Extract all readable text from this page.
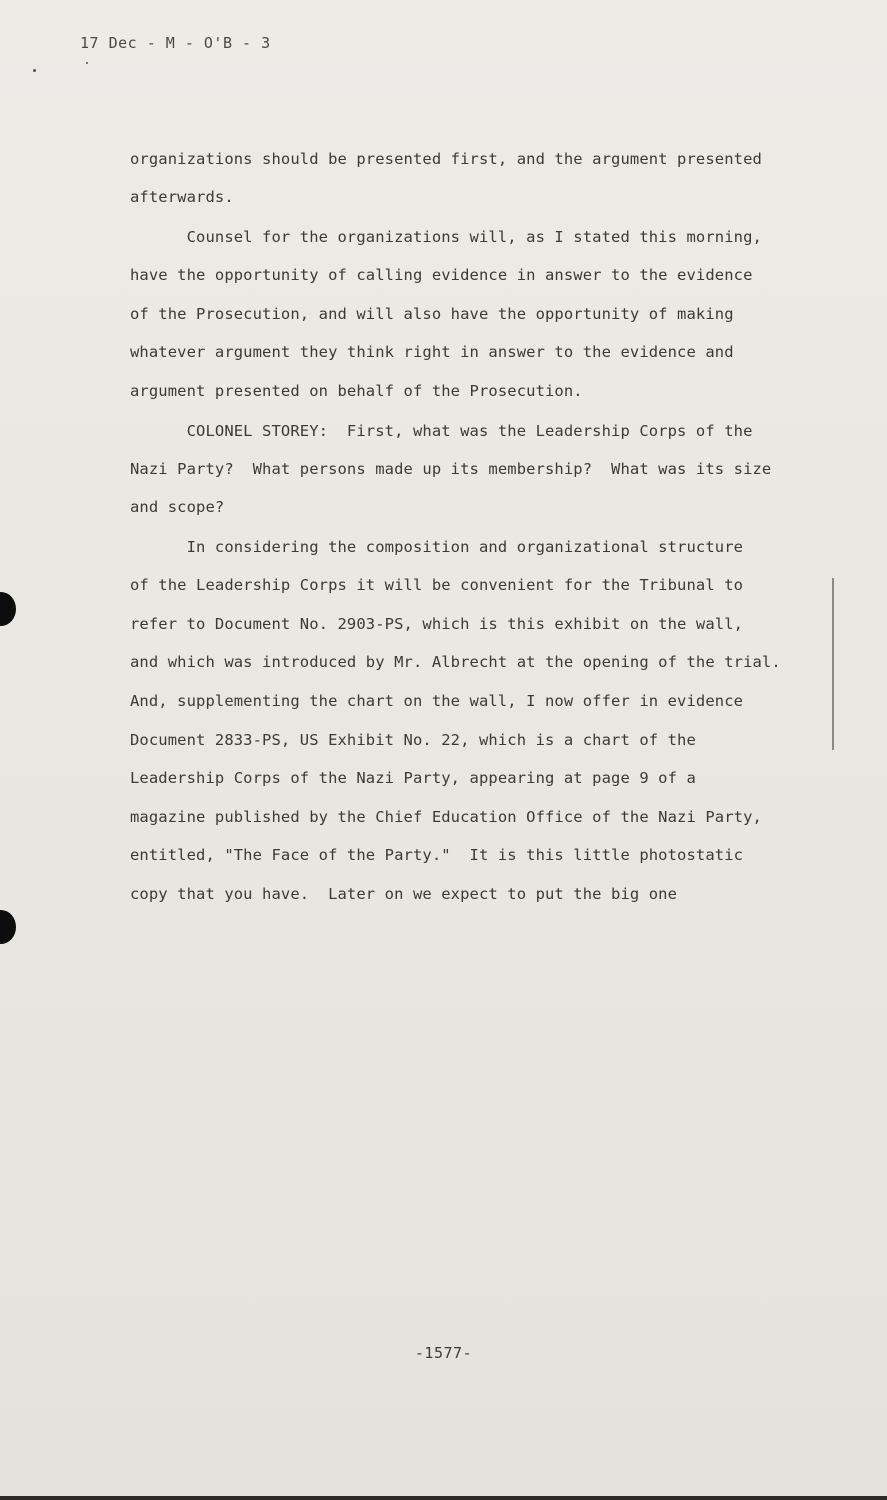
17 Dec - M - O'B - 3
organizations should be presented first, and the argument presented
afterwards.
Counsel for the organizations will, as I stated this morning,
have the opportunity of calling evidence in answer to the evidence
of the Prosecution, and will also have the opportunity of making
whatever argument they think right in answer to the evidence and
argument presented on behalf of the Prosecution.
COLONEL STOREY:  First, what was the Leadership Corps of the
Nazi Party?  What persons made up its membership?  What was its size
and scope?
In considering the composition and organizational structure
of the Leadership Corps it will be convenient for the Tribunal to
refer to Document No. 2903-PS, which is this exhibit on the wall,
and which was introduced by Mr. Albrecht at the opening of the trial.
And, supplementing the chart on the wall, I now offer in evidence
Document 2833-PS, US Exhibit No. 22, which is a chart of the
Leadership Corps of the Nazi Party, appearing at page 9 of a
magazine published by the Chief Education Office of the Nazi Party,
entitled, "The Face of the Party."  It is this little photostatic
copy that you have.  Later on we expect to put the big one
-1577-
